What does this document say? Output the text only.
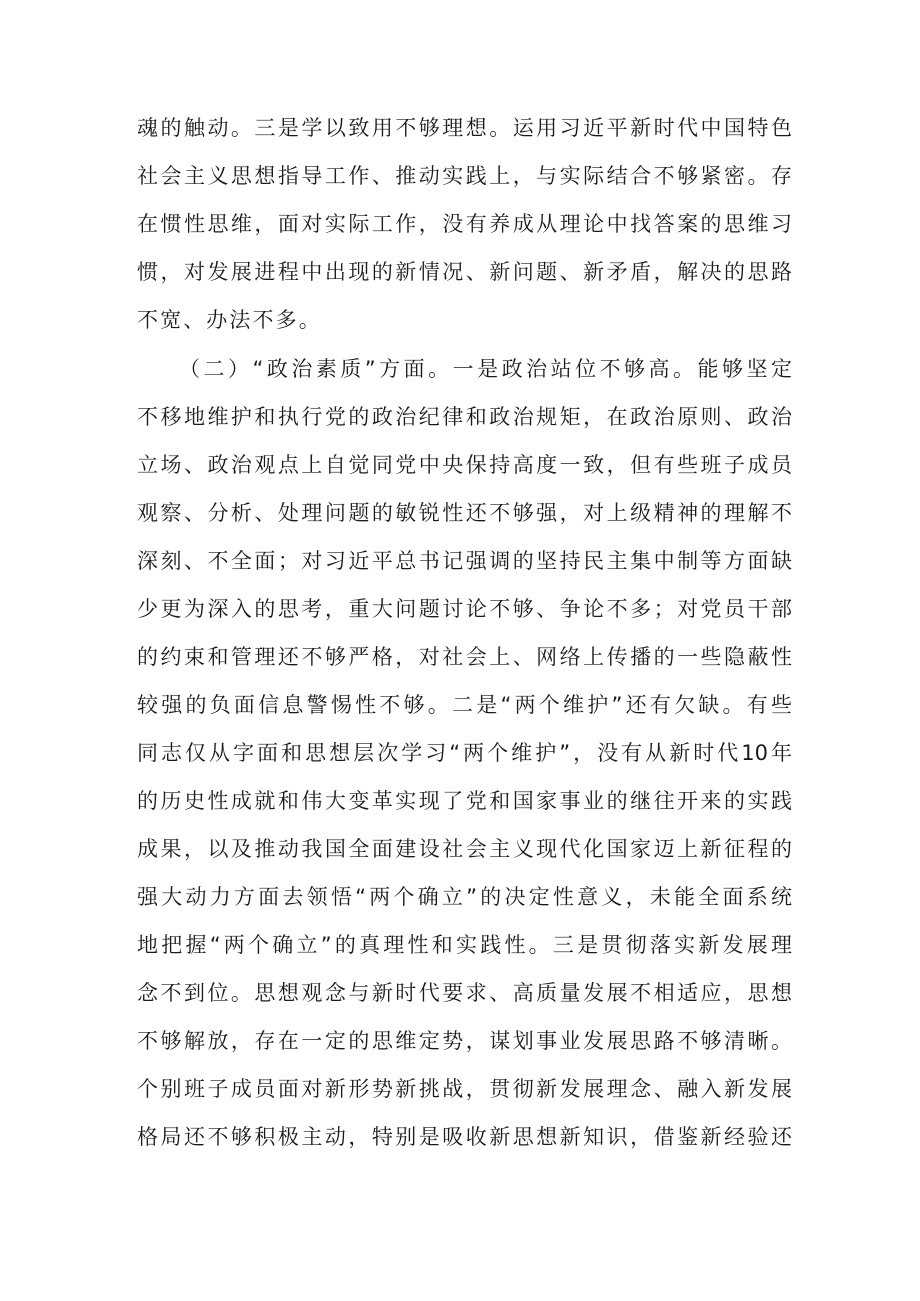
魂的触动。三是学以致用不够理想。运用习近平新时代中国特色
社会主义思想指导工作、推动实践上，与实际结合不够紧密。存
在惯性思维，面对实际工作，没有养成从理论中找答案的思维习
惯，对发展进程中出现的新情况、新问题、新矛盾，解决的思路
不宽、办法不多。
（二）“政治素质”方面。一是政治站位不够高。能够坚定
不移地维护和执行党的政治纪律和政治规矩，在政治原则、政治
立场、政治观点上自觉同党中央保持高度一致，但有些班子成员
观察、分析、处理问题的敏锐性还不够强，对上级精神的理解不
深刻、不全面；对习近平总书记强调的坚持民主集中制等方面缺
少更为深入的思考，重大问题讨论不够、争论不多；对党员干部
的约束和管理还不够严格，对社会上、网络上传播的一些隐蔽性
较强的负面信息警惕性不够。二是“两个维护”还有欠缺。有些
同志仅从字面和思想层次学习“两个维护”，没有从新时代10年
的历史性成就和伟大变革实现了党和国家事业的继往开来的实践
成果，以及推动我国全面建设社会主义现代化国家迈上新征程的
强大动力方面去领悟“两个确立”的决定性意义，未能全面系统
地把握“两个确立”的真理性和实践性。三是贯彻落实新发展理
念不到位。思想观念与新时代要求、高质量发展不相适应，思想
不够解放，存在一定的思维定势，谋划事业发展思路不够清晰。
个别班子成员面对新形势新挑战，贯彻新发展理念、融入新发展
格局还不够积极主动，特别是吸收新思想新知识，借鉴新经验还
